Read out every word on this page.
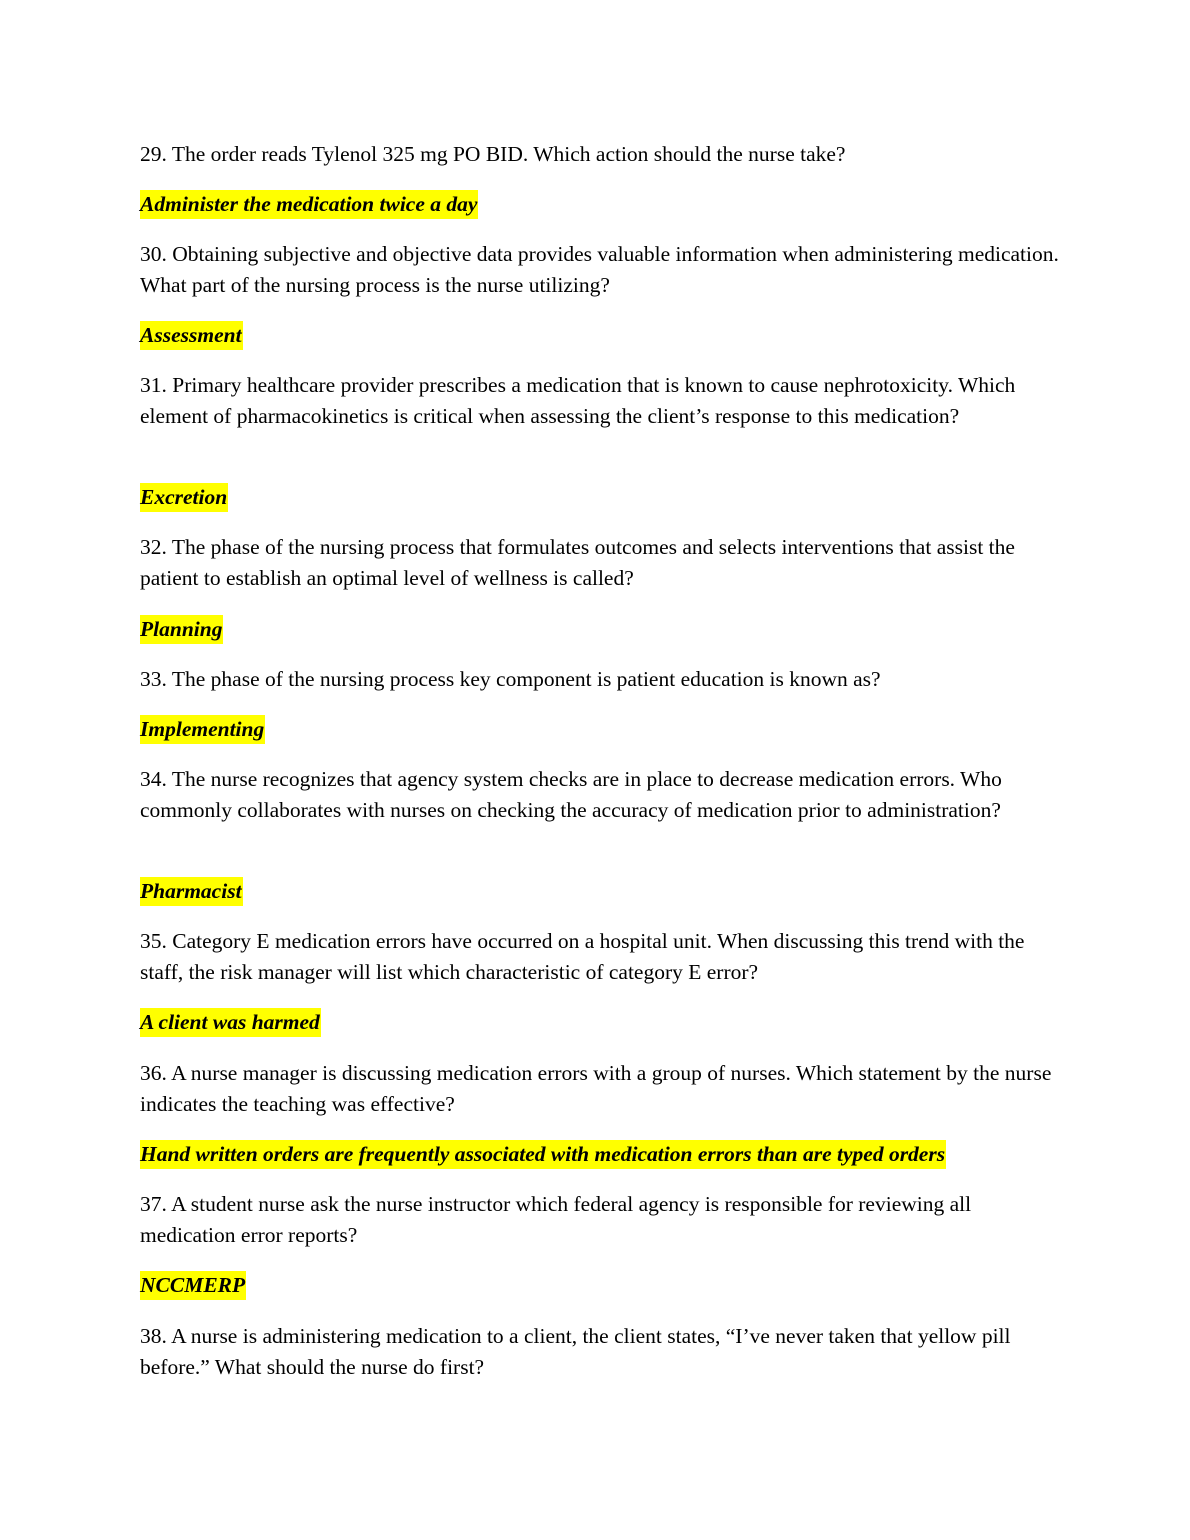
29. The order reads Tylenol 325 mg PO BID. Which action should the nurse take?

Administer the medication twice a day

30. Obtaining subjective and objective data provides valuable information when administering medication. What part of the nursing process is the nurse utilizing?

Assessment

31. Primary healthcare provider prescribes a medication that is known to cause nephrotoxicity. Which element of pharmacokinetics is critical when assessing the client’s response to this medication?

Excretion

32. The phase of the nursing process that formulates outcomes and selects interventions that assist the patient to establish an optimal level of wellness is called?

Planning

33. The phase of the nursing process key component is patient education is known as?

Implementing

34. The nurse recognizes that agency system checks are in place to decrease medication errors. Who commonly collaborates with nurses on checking the accuracy of medication prior to administration?

Pharmacist

35. Category E medication errors have occurred on a hospital unit. When discussing this trend with the staff, the risk manager will list which characteristic of category E error?

A client was harmed

36. A nurse manager is discussing medication errors with a group of nurses. Which statement by the nurse indicates the teaching was effective?

Hand written orders are frequently associated with medication errors than are typed orders

37. A student nurse ask the nurse instructor which federal agency is responsible for reviewing all medication error reports?

NCCMERP

38. A nurse is administering medication to a client, the client states, “I’ve never taken that yellow pill before.” What should the nurse do first?
